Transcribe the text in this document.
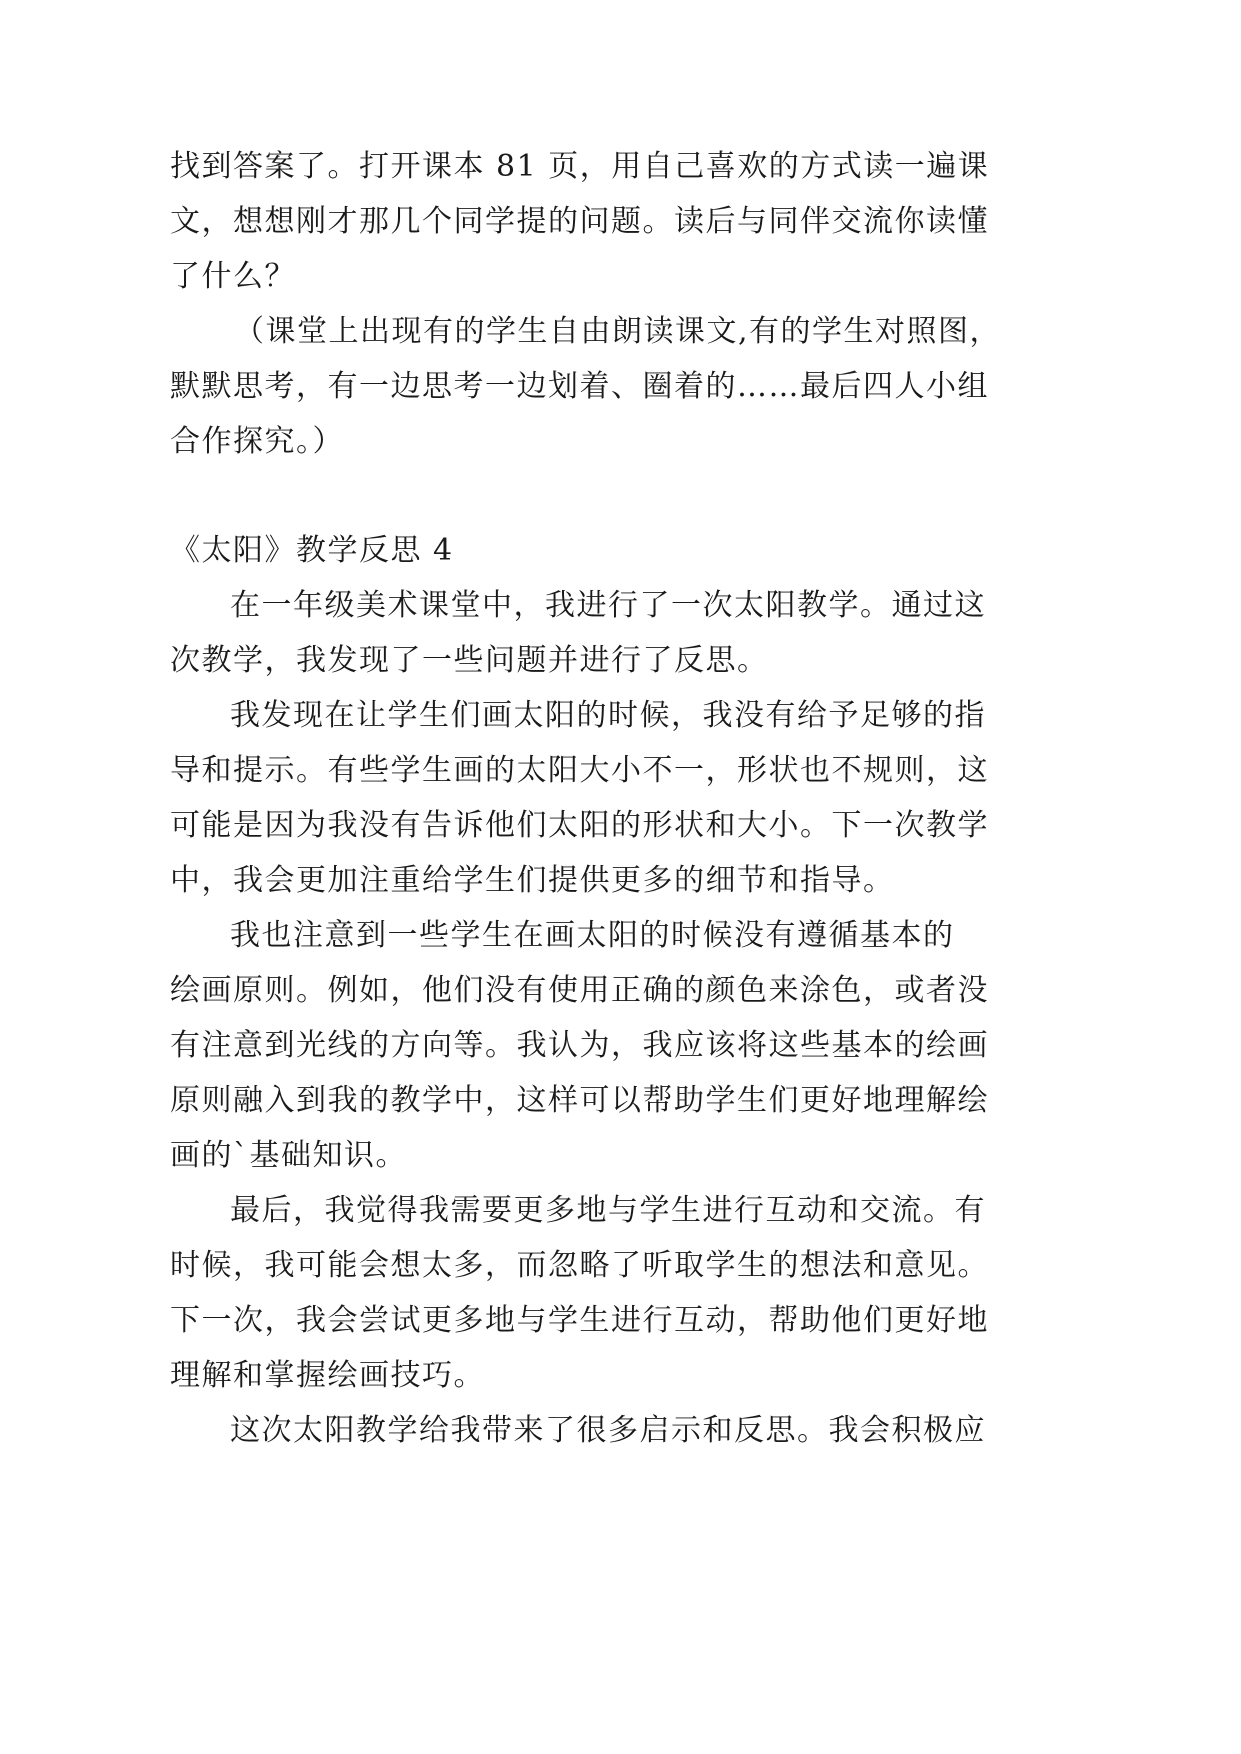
找到答案了。打开课本 81 页，用自己喜欢的方式读一遍课
文，想想刚才那几个同学提的问题。读后与同伴交流你读懂
了什么？
（课堂上出现有的学生自由朗读课文,有的学生对照图，
默默思考，有一边思考一边划着、圈着的……最后四人小组
合作探究。）
《太阳》教学反思 4
在一年级美术课堂中，我进行了一次太阳教学。通过这
次教学，我发现了一些问题并进行了反思。
我发现在让学生们画太阳的时候，我没有给予足够的指
导和提示。有些学生画的太阳大小不一，形状也不规则，这
可能是因为我没有告诉他们太阳的形状和大小。下一次教学
中，我会更加注重给学生们提供更多的细节和指导。
我也注意到一些学生在画太阳的时候没有遵循基本的
绘画原则。例如，他们没有使用正确的颜色来涂色，或者没
有注意到光线的方向等。我认为，我应该将这些基本的绘画
原则融入到我的教学中，这样可以帮助学生们更好地理解绘
画的`基础知识。
最后，我觉得我需要更多地与学生进行互动和交流。有
时候，我可能会想太多，而忽略了听取学生的想法和意见。
下一次，我会尝试更多地与学生进行互动，帮助他们更好地
理解和掌握绘画技巧。
这次太阳教学给我带来了很多启示和反思。我会积极应
